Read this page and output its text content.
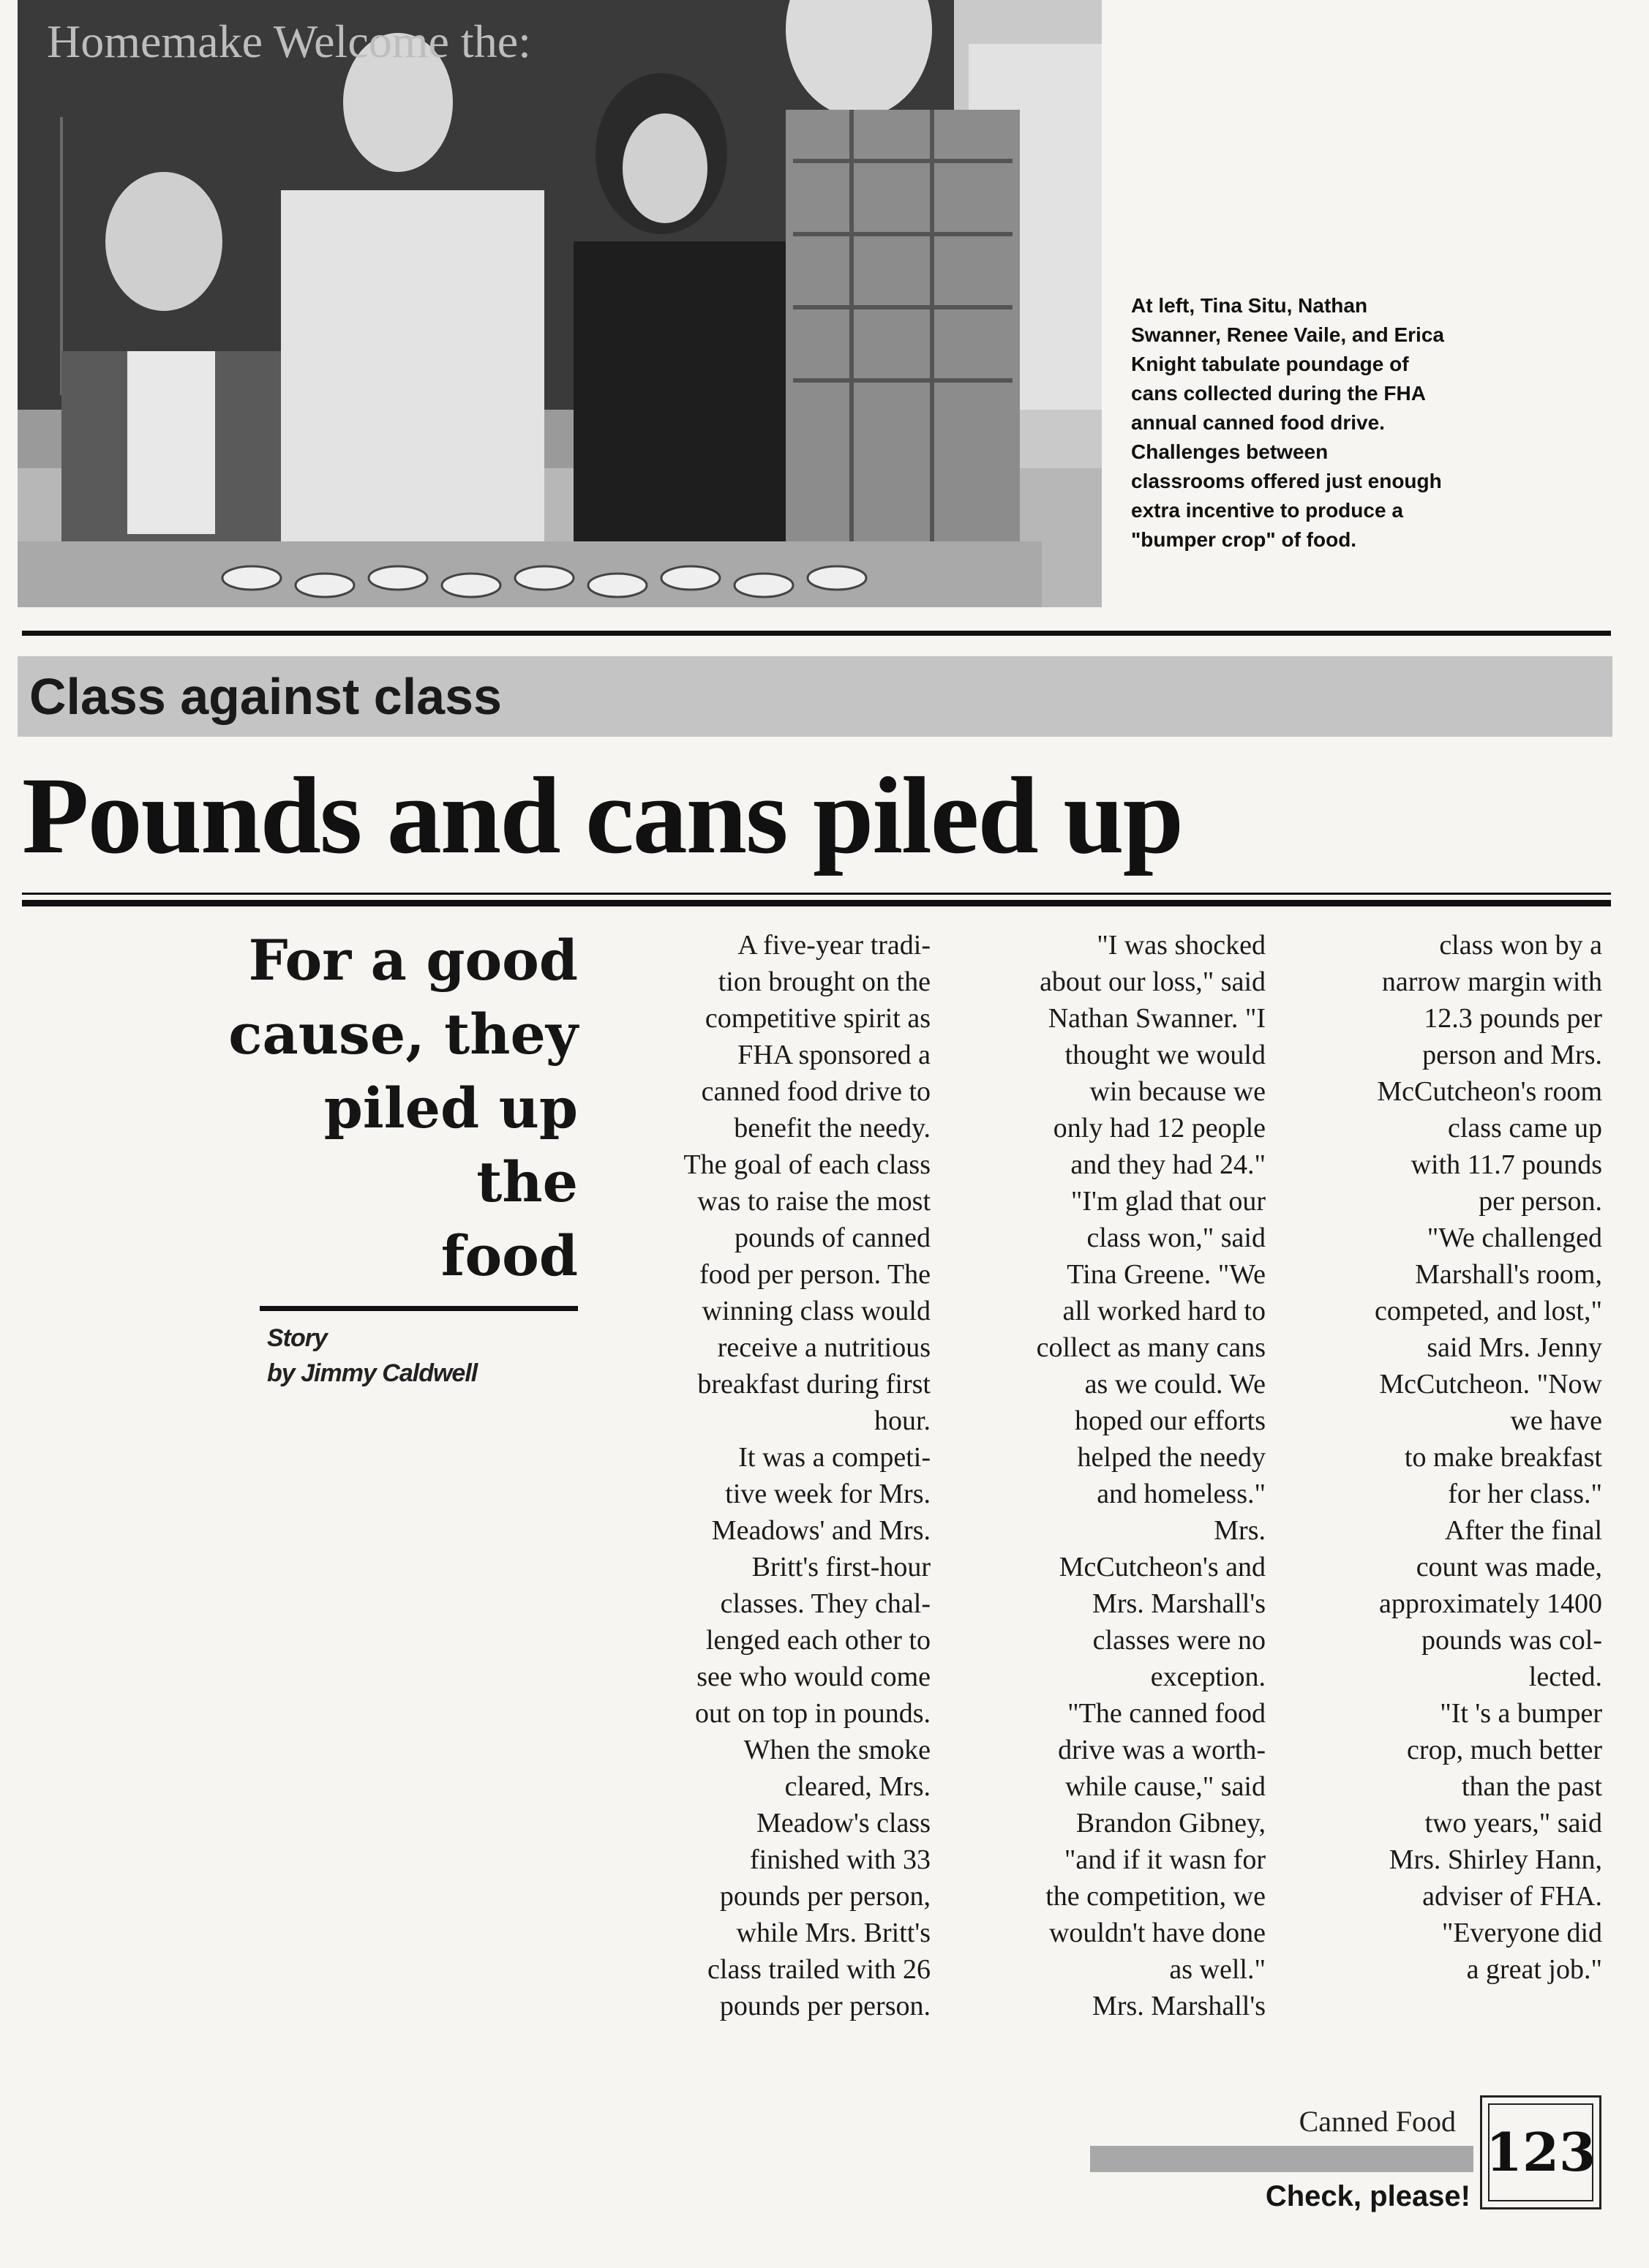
Homemake Welcome the:
At left, Tina Situ, Nathan Swanner, Renee Vaile, and Erica Knight tabulate poundage of cans collected during the FHA annual canned food drive. Challenges between classrooms offered just enough extra incentive to produce a "bumper crop" of food.
Class against class
Pounds and cans piled up
For a good
cause, they
piled up
the
food
Story
by Jimmy Caldwell

A five-year tradi-

tion brought on the

competitive spirit as

FHA sponsored a

canned food drive to

benefit the needy.

The goal of each class

was to raise the most

pounds of canned

food per person. The

winning class would

receive a nutritious

breakfast during first

hour.

It was a competi-

tive week for Mrs.

Meadows' and Mrs.

Britt's first-hour

classes. They chal-

lenged each other to

see who would come

out on top in pounds.

When the smoke

cleared, Mrs.

Meadow's class

finished with 33

pounds per person,

while Mrs. Britt's

class trailed with 26

pounds per person.

"I was shocked

about our loss," said

Nathan Swanner. "I

thought we would

win because we

only had 12 people

and they had 24."

"I'm glad that our

class won," said

Tina Greene. "We

all worked hard to

collect as many cans

as we could. We

hoped our efforts

helped the needy

and homeless."

Mrs.

McCutcheon's and

Mrs. Marshall's

classes were no

exception.

"The canned food

drive was a worth-

while cause," said

Brandon Gibney,

"and if it wasn for

the competition, we

wouldn't have done

as well."

Mrs. Marshall's

class won by a

narrow margin with

12.3 pounds per

person and Mrs.

McCutcheon's room

class came up

with 11.7 pounds

per person.

"We challenged

Marshall's room,

competed, and lost,"

said Mrs. Jenny

McCutcheon. "Now

we have

to make breakfast

for her class."

After the final

count was made,

approximately 1400

pounds was col-

lected.

"It 's a bumper

crop, much better

than the past

two years," said

Mrs. Shirley Hann,

adviser of FHA.

"Everyone did

a great job."

Canned Food
Check, please!
123
